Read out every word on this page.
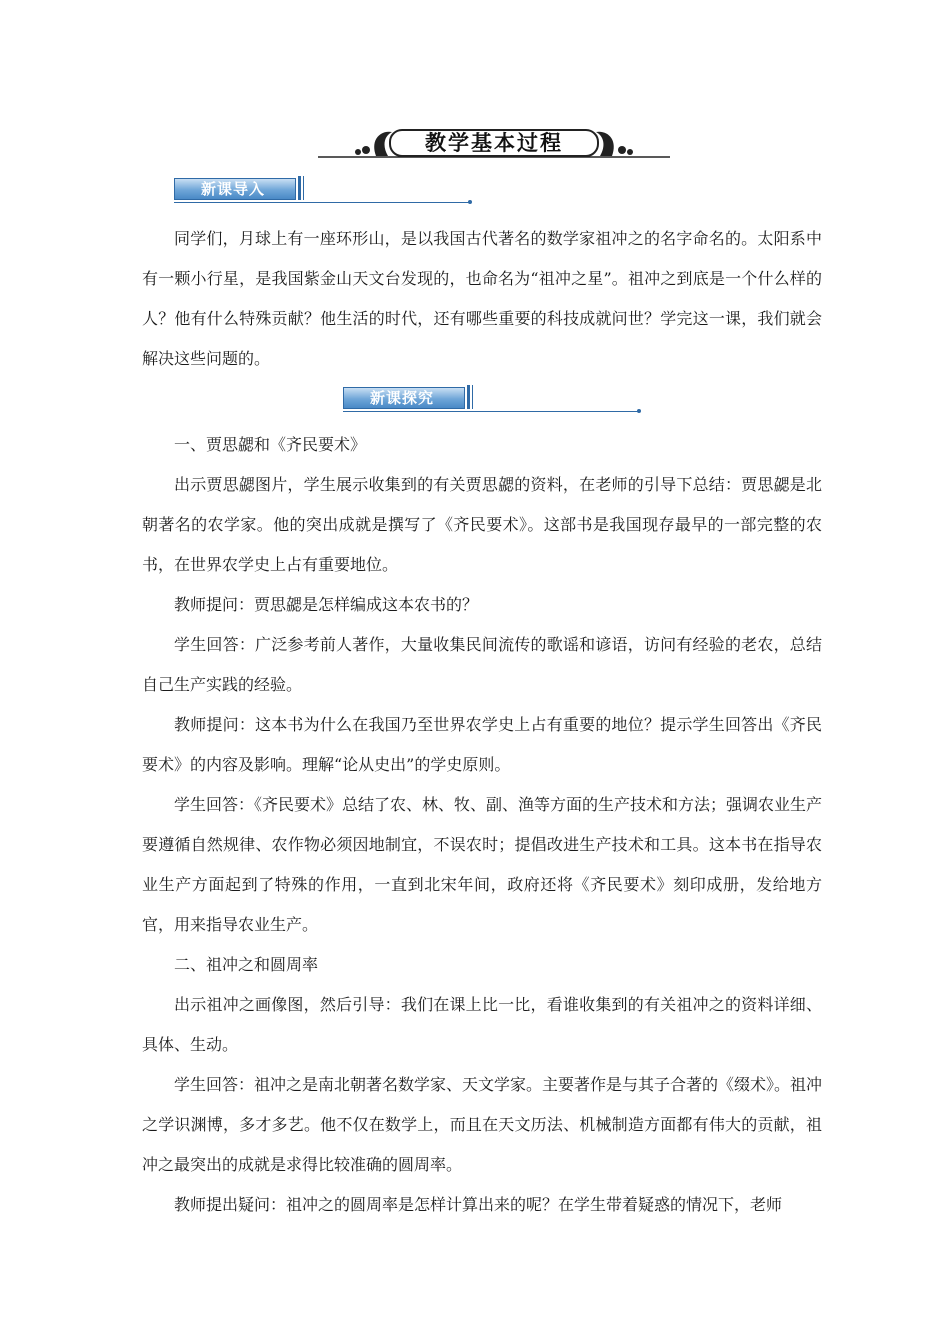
教学基本过程
新课导入

同学们，月球上有一座环形山，是以我国古代著名的数学家祖冲之的名字命名的。太阳系中有一颗小行星，是我国紫金山天文台发现的，也命名为“祖冲之星”。祖冲之到底是一个什么样的人？他有什么特殊贡献？他生活的时代，还有哪些重要的科技成就问世？学完这一课，我们就会解决这些问题的。

新课探究

一、贾思勰和《齐民要术》

出示贾思勰图片，学生展示收集到的有关贾思勰的资料，在老师的引导下总结：贾思勰是北朝著名的农学家。他的突出成就是撰写了《齐民要术》。这部书是我国现存最早的一部完整的农书，在世界农学史上占有重要地位。

教师提问：贾思勰是怎样编成这本农书的？

学生回答：广泛参考前人著作，大量收集民间流传的歌谣和谚语，访问有经验的老农，总结自己生产实践的经验。

教师提问：这本书为什么在我国乃至世界农学史上占有重要的地位？提示学生回答出《齐民要术》的内容及影响。理解“论从史出”的学史原则。

学生回答：《齐民要术》总结了农、林、牧、副、渔等方面的生产技术和方法；强调农业生产要遵循自然规律、农作物必须因地制宜，不误农时；提倡改进生产技术和工具。这本书在指导农业生产方面起到了特殊的作用，一直到北宋年间，政府还将《齐民要术》刻印成册，发给地方官，用来指导农业生产。

二、祖冲之和圆周率

出示祖冲之画像图，然后引导：我们在课上比一比，看谁收集到的有关祖冲之的资料详细、具体、生动。

学生回答：祖冲之是南北朝著名数学家、天文学家。主要著作是与其子合著的《缀术》。祖冲之学识渊博，多才多艺。他不仅在数学上，而且在天文历法、机械制造方面都有伟大的贡献，祖冲之最突出的成就是求得比较准确的圆周率。

教师提出疑问：祖冲之的圆周率是怎样计算出来的呢？在学生带着疑惑的情况下，老师
